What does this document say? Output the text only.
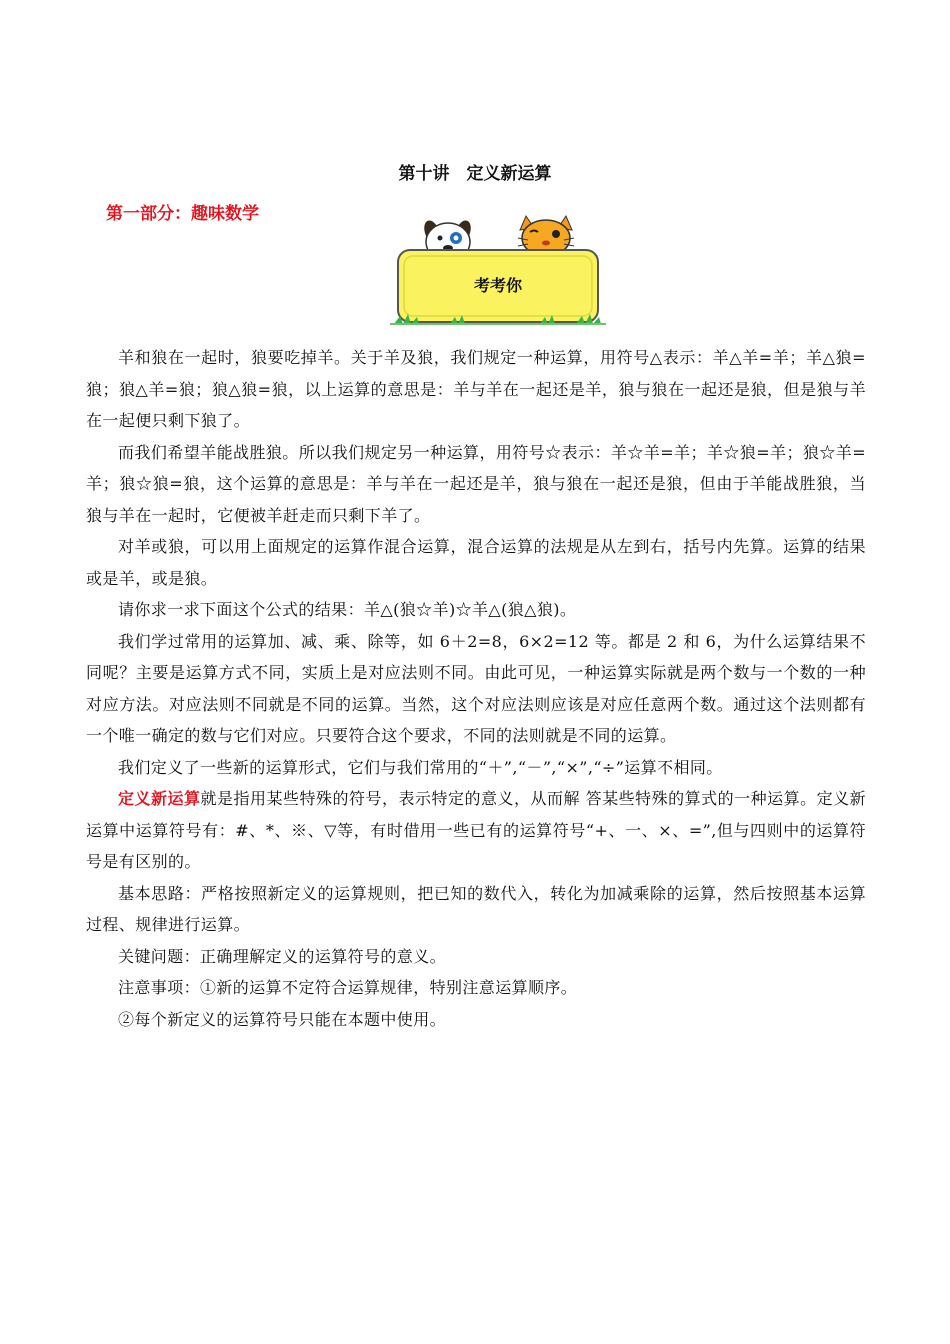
第十讲　定义新运算
第一部分：趣味数学
考考你

羊和狼在一起时，狼要吃掉羊。关于羊及狼，我们规定一种运算，用符号△表示：羊△羊=羊；羊△狼=狼；狼△羊=狼；狼△狼=狼，以上运算的意思是：羊与羊在一起还是羊，狼与狼在一起还是狼，但是狼与羊在一起便只剩下狼了。

而我们希望羊能战胜狼。所以我们规定另一种运算，用符号☆表示：羊☆羊=羊；羊☆狼=羊；狼☆羊=羊；狼☆狼=狼，这个运算的意思是：羊与羊在一起还是羊，狼与狼在一起还是狼，但由于羊能战胜狼，当狼与羊在一起时，它便被羊赶走而只剩下羊了。

对羊或狼，可以用上面规定的运算作混合运算，混合运算的法规是从左到右，括号内先算。运算的结果或是羊，或是狼。

请你求一求下面这个公式的结果：羊△(狼☆羊)☆羊△(狼△狼)。

我们学过常用的运算加、减、乘、除等，如 6＋2=8，6×2=12 等。都是 2 和 6，为什么运算结果不同呢？主要是运算方式不同，实质上是对应法则不同。由此可见，一种运算实际就是两个数与一个数的一种对应方法。对应法则不同就是不同的运算。当然，这个对应法则应该是对应任意两个数。通过这个法则都有一个唯一确定的数与它们对应。只要符合这个要求，不同的法则就是不同的运算。

我们定义了一些新的运算形式，它们与我们常用的“＋”,“－”,“×”,“÷”运算不相同。

定义新运算就是指用某些特殊的符号，表示特定的意义，从而解 答某些特殊的算式的一种运算。定义新运算中运算符号有：#、*、※、▽等，有时借用一些已有的运算符号“+、一、×、=”,但与四则中的运算符号是有区别的。

基本思路：严格按照新定义的运算规则，把已知的数代入，转化为加减乘除的运算，然后按照基本运算过程、规律进行运算。

关键问题：正确理解定义的运算符号的意义。

注意事项：①新的运算不定符合运算规律，特别注意运算顺序。

②每个新定义的运算符号只能在本题中使用。
